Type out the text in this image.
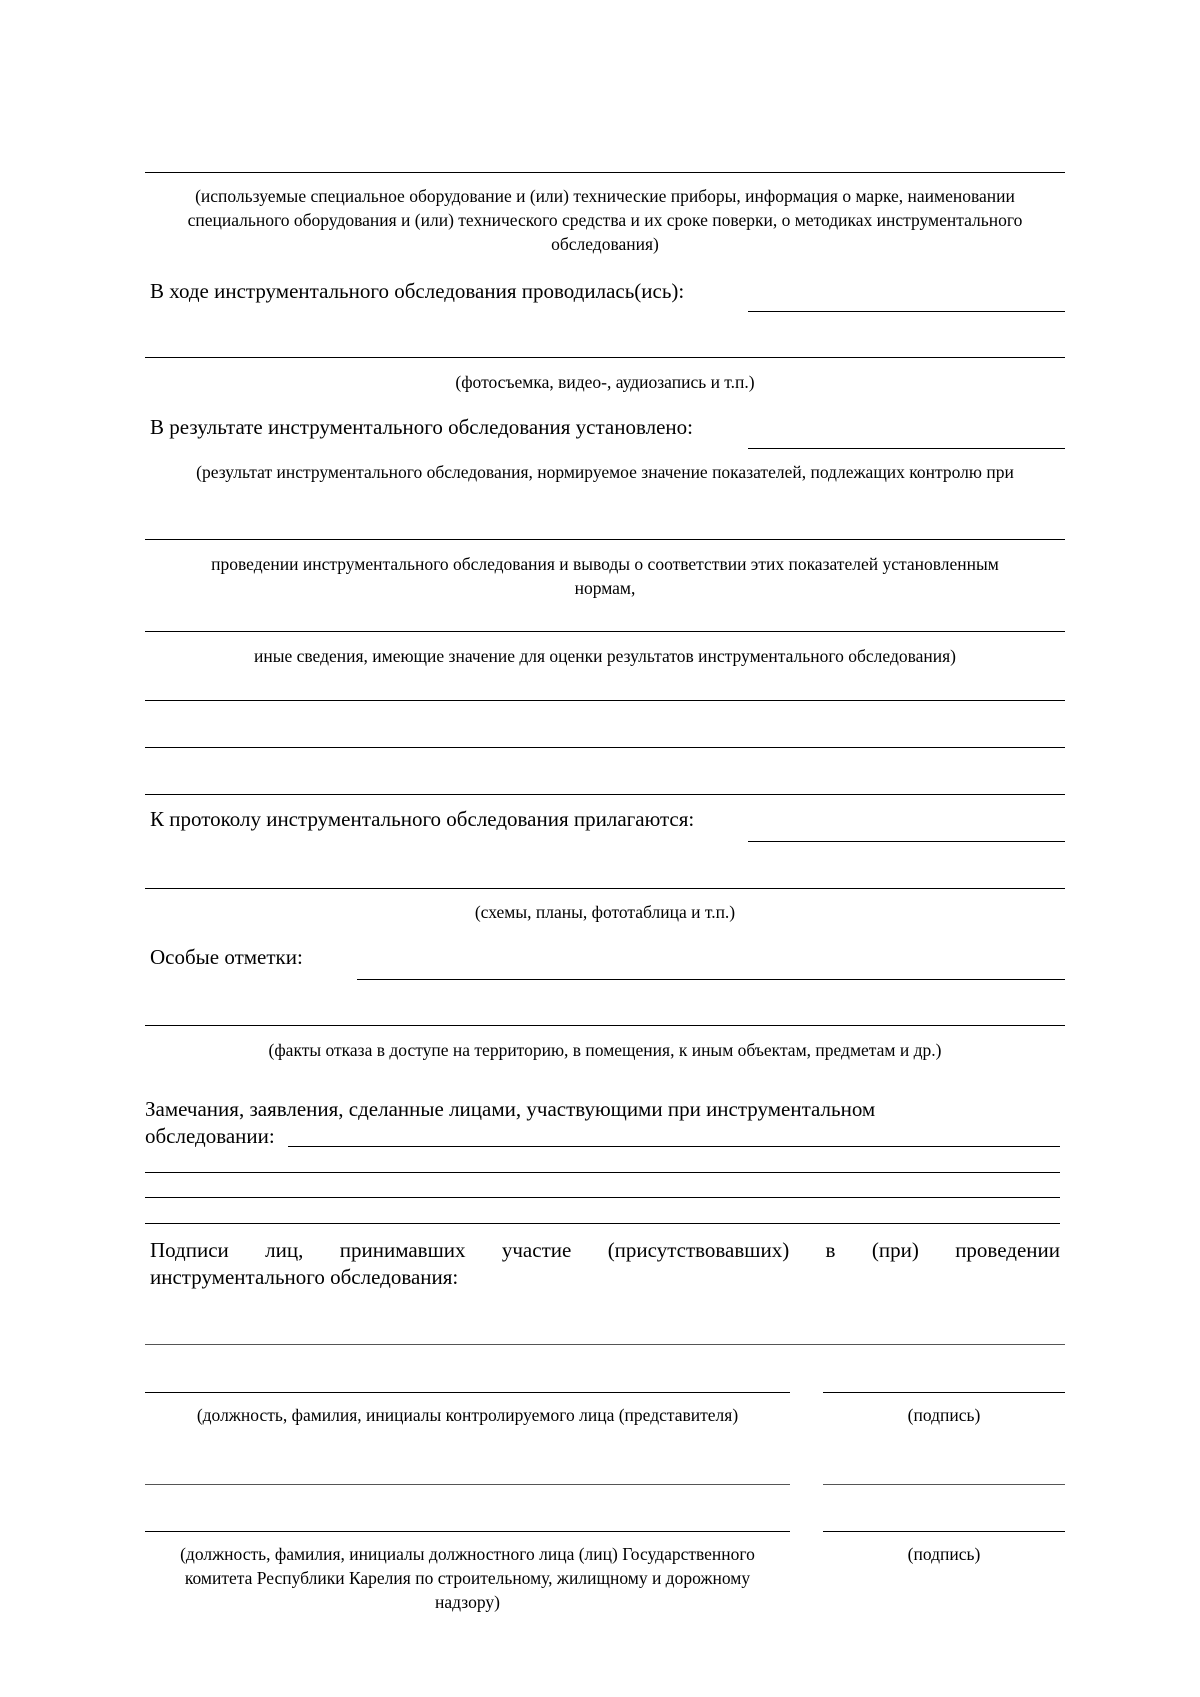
(используемые специальное оборудование и (или) технические приборы, информация о марке, наименовании специального оборудования и (или) технического средства и их сроке поверки, о методиках инструментального обследования)
В ходе инструментального обследования проводилась(ись):
(фотосъемка, видео-, аудиозапись и т.п.)
В результате инструментального обследования установлено:
(результат инструментального обследования, нормируемое значение показателей, подлежащих контролю при
проведении инструментального обследования и выводы о соответствии этих показателей установленным нормам,
иные сведения, имеющие значение для оценки результатов инструментального обследования)
К протоколу инструментального обследования прилагаются:
(схемы, планы, фототаблица и т.п.)
Особые отметки:
(факты отказа в доступе на территорию, в помещения, к иным объектам, предметам и др.)
Замечания, заявления, сделанные лицами, участвующими при инструментальном
обследовании:
Подписи лиц, принимавших участие (присутствовавших) в (при) проведении
инструментального обследования:
(должность, фамилия, инициалы контролируемого лица (представителя)	(подпись)
(должность, фамилия, инициалы должностного лица (лиц) Государственного комитета Республики Карелия по строительному, жилищному и дорожному надзору)
(подпись)
